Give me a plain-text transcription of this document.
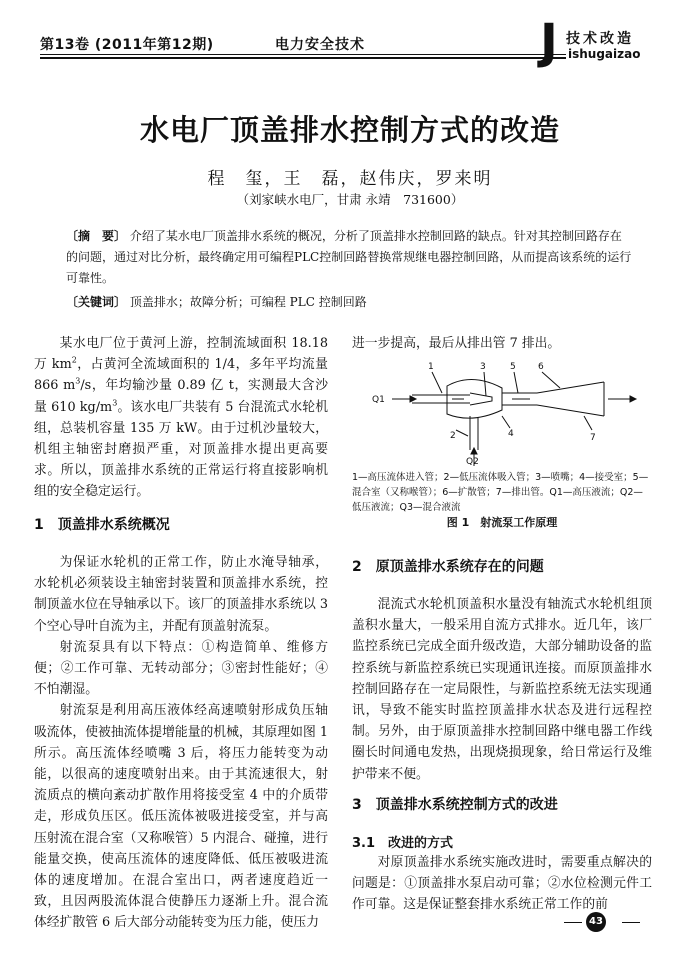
第13卷 (2011年第12期)	电力安全技术	J 技术改造
ishugaizao
水电厂顶盖排水控制方式的改造
程　玺，王　磊，赵伟庆，罗来明
（刘家峡水电厂，甘肃 永靖　731600）
〔摘　要〕 介绍了某水电厂顶盖排水系统的概况，分析了顶盖排水控制回路的缺点。针对其控制回路存在的问题，通过对比分析，最终确定用可编程PLC控制回路替换常规继电器控制回路，从而提高该系统的运行可靠性。
〔关键词〕 顶盖排水；故障分析；可编程 PLC 控制回路

某水电厂位于黄河上游，控制流域面积 18.18 万 $km^2$，占黄河全流域面积的 1/4，多年平均流量 866 $m^3/s$，年均输沙量 0.89 亿 t，实测最大含沙量 610 $kg/m^3$。该水电厂共装有 5 台混流式水轮机组，总装机容量 135 万 kW。由于过机沙量较大，机组主轴密封磨损严重，对顶盖排水提出更高要求。所以，顶盖排水系统的正常运行将直接影响机组的安全稳定运行。

1　顶盖排水系统概况

为保证水轮机的正常工作，防止水淹导轴承，水轮机必须装设主轴密封装置和顶盖排水系统，控制顶盖水位在导轴承以下。该厂的顶盖排水系统以 3 个空心导叶自流为主，并配有顶盖射流泵。

射流泵具有以下特点：①构造简单、维修方便；②工作可靠、无转动部分；③密封性能好；④不怕潮湿。

射流泵是利用高压液体经高速喷射形成负压轴吸流体，使被抽流体提增能量的机械，其原理如图 1 所示。高压流体经喷嘴 3 后，将压力能转变为动能，以很高的速度喷射出来。由于其流速很大，射流质点的横向紊动扩散作用将接受室 4 中的介质带走，形成负压区。低压流体被吸进接受室，并与高压射流在混合室（又称喉管）5 内混合、碰撞，进行能量交换，使高压流体的速度降低、低压被吸进流体的速度增加。在混合室出口，两者速度趋近一致，且因两股流体混合使静压力逐渐上升。混合流体经扩散管 6 后大部分动能转变为压力能，使压力

进一步提高，最后从排出管 7 排出。

1
2
3
4
5 6
7
Q1
Q2
1—高压流体进入管；2—低压流体吸入管；3—喷嘴；4—接受室；5—混合室（又称喉管）；6—扩散管；7—排出管。Q1—高压液流；Q2—低压液流；Q3—混合液流
图 1　射流泵工作原理
2　原顶盖排水系统存在的问题

混流式水轮机顶盖积水量没有轴流式水轮机组顶盖积水量大，一般采用自流方式排水。近几年，该厂监控系统已完成全面升级改造，大部分辅助设备的监控系统与新监控系统已实现通讯连接。而原顶盖排水控制回路存在一定局限性，与新监控系统无法实现通讯，导致不能实时监控顶盖排水状态及进行远程控制。另外，由于原顶盖排水控制回路中继电器工作线圈长时间通电发热，出现烧损现象，给日常运行及维护带来不便。

3　顶盖排水系统控制方式的改进
3.1　改进的方式

对原顶盖排水系统实施改进时，需要重点解决的问题是：①顶盖排水泵启动可靠；②水位检测元件工作可靠。这是保证整套排水系统正常工作的前

43
